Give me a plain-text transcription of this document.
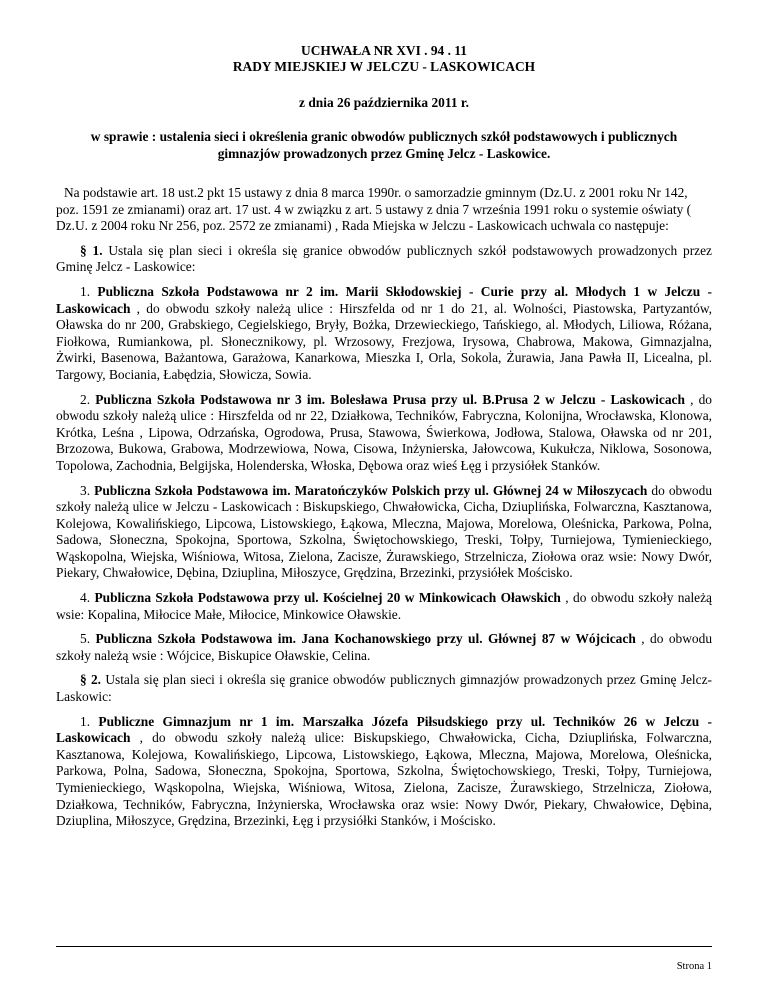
UCHWAŁA NR XVI . 94 . 11
RADY MIEJSKIEJ W JELCZU - LASKOWICACH
z dnia 26 października 2011 r.
w sprawie : ustalenia sieci i określenia granic obwodów publicznych szkół podstawowych i publicznych gimnazjów prowadzonych przez Gminę Jelcz - Laskowice.

Na podstawie art. 18 ust.2 pkt 15 ustawy z dnia 8 marca 1990r. o samorzadzie gminnym (Dz.U. z 2001 roku Nr 142, poz. 1591 ze zmianami) oraz art. 17 ust. 4 w związku z art. 5 ustawy z dnia 7 września 1991 roku o systemie oświaty ( Dz.U. z 2004 roku Nr 256, poz. 2572 ze zmianami) , Rada Miejska w Jelczu - Laskowicach uchwala co następuje:

§ 1. Ustala się plan sieci i określa się granice obwodów publicznych szkół podstawowych prowadzonych przez Gminę Jelcz - Laskowice:

1. Publiczna Szkoła Podstawowa nr 2 im. Marii Skłodowskiej - Curie przy al. Młodych 1 w Jelczu - Laskowicach , do obwodu szkoły należą ulice : Hirszfelda od nr 1 do 21, al. Wolności, Piastowska, Partyzantów, Oławska do nr 200, Grabskiego, Cegielskiego, Bryły, Bożka, Drzewieckiego, Tańskiego, al. Młodych, Liliowa, Różana, Fiołkowa, Rumiankowa, pl. Słonecznikowy, pl. Wrzosowy, Frezjowa, Irysowa, Chabrowa, Makowa, Gimnazjalna, Żwirki, Basenowa, Bażantowa, Garażowa, Kanarkowa, Mieszka I, Orla, Sokola, Żurawia, Jana Pawła II, Licealna, pl. Targowy, Bociania, Łabędzia, Słowicza, Sowia.

2. Publiczna Szkoła Podstawowa nr 3 im. Bolesława Prusa przy ul. B.Prusa 2 w Jelczu - Laskowicach , do obwodu szkoły należą ulice : Hirszfelda od nr 22, Działkowa, Techników, Fabryczna, Kolonijna, Wrocławska, Klonowa, Krótka, Leśna , Lipowa, Odrzańska, Ogrodowa, Prusa, Stawowa, Świerkowa, Jodłowa, Stalowa, Oławska od nr 201, Brzozowa, Bukowa, Grabowa, Modrzewiowa, Nowa, Cisowa, Inżynierska, Jałowcowa, Kukułcza, Niklowa, Sosonowa, Topolowa, Zachodnia, Belgijska, Holenderska, Włoska, Dębowa oraz wieś Łęg i przysiółek Stanków.

3. Publiczna Szkoła Podstawowa im. Maratończyków Polskich przy ul. Głównej 24 w Miłoszycach do obwodu szkoły należą ulice w Jelczu - Laskowicach : Biskupskiego, Chwałowicka, Cicha, Dziuplińska, Folwarczna, Kasztanowa, Kolejowa, Kowalińskiego, Lipcowa, Listowskiego, Łąkowa, Mleczna, Majowa, Morelowa, Oleśnicka, Parkowa, Polna, Sadowa, Słoneczna, Spokojna, Sportowa, Szkolna, Świętochowskiego, Treski, Tołpy, Turniejowa, Tymienieckiego, Wąskopolna, Wiejska, Wiśniowa, Witosa, Zielona, Zacisze, Żurawskiego, Strzelnicza, Ziołowa oraz wsie: Nowy Dwór, Piekary, Chwałowice, Dębina, Dziuplina, Miłoszyce, Grędzina, Brzezinki, przysiółek Mościsko.

4. Publiczna Szkoła Podstawowa przy ul. Kościelnej 20 w Minkowicach Oławskich , do obwodu szkoły należą wsie: Kopalina, Miłocice Małe, Miłocice, Minkowice Oławskie.

5. Publiczna Szkoła Podstawowa im. Jana Kochanowskiego przy ul. Głównej 87 w Wójcicach , do obwodu szkoły należą wsie : Wójcice, Biskupice Oławskie, Celina.

§ 2. Ustala się plan sieci i określa się granice obwodów publicznych gimnazjów prowadzonych przez Gminę Jelcz-Laskowic:

1. Publiczne Gimnazjum nr 1 im. Marszałka Józefa Piłsudskiego przy ul. Techników 26 w Jelczu - Laskowicach , do obwodu szkoły należą ulice: Biskupskiego, Chwałowicka, Cicha, Dziuplińska, Folwarczna, Kasztanowa, Kolejowa, Kowalińskiego, Lipcowa, Listowskiego, Łąkowa, Mleczna, Majowa, Morelowa, Oleśnicka, Parkowa, Polna, Sadowa, Słoneczna, Spokojna, Sportowa, Szkolna, Świętochowskiego, Treski, Tołpy, Turniejowa, Tymienieckiego, Wąskopolna, Wiejska, Wiśniowa, Witosa, Zielona, Zacisze, Żurawskiego, Strzelnicza, Ziołowa, Działkowa, Techników, Fabryczna, Inżynierska, Wrocławska oraz wsie: Nowy Dwór, Piekary, Chwałowice, Dębina, Dziuplina, Miłoszyce, Grędzina, Brzezinki, Łęg i przysiółki Stanków, i Mościsko.

Strona 1
